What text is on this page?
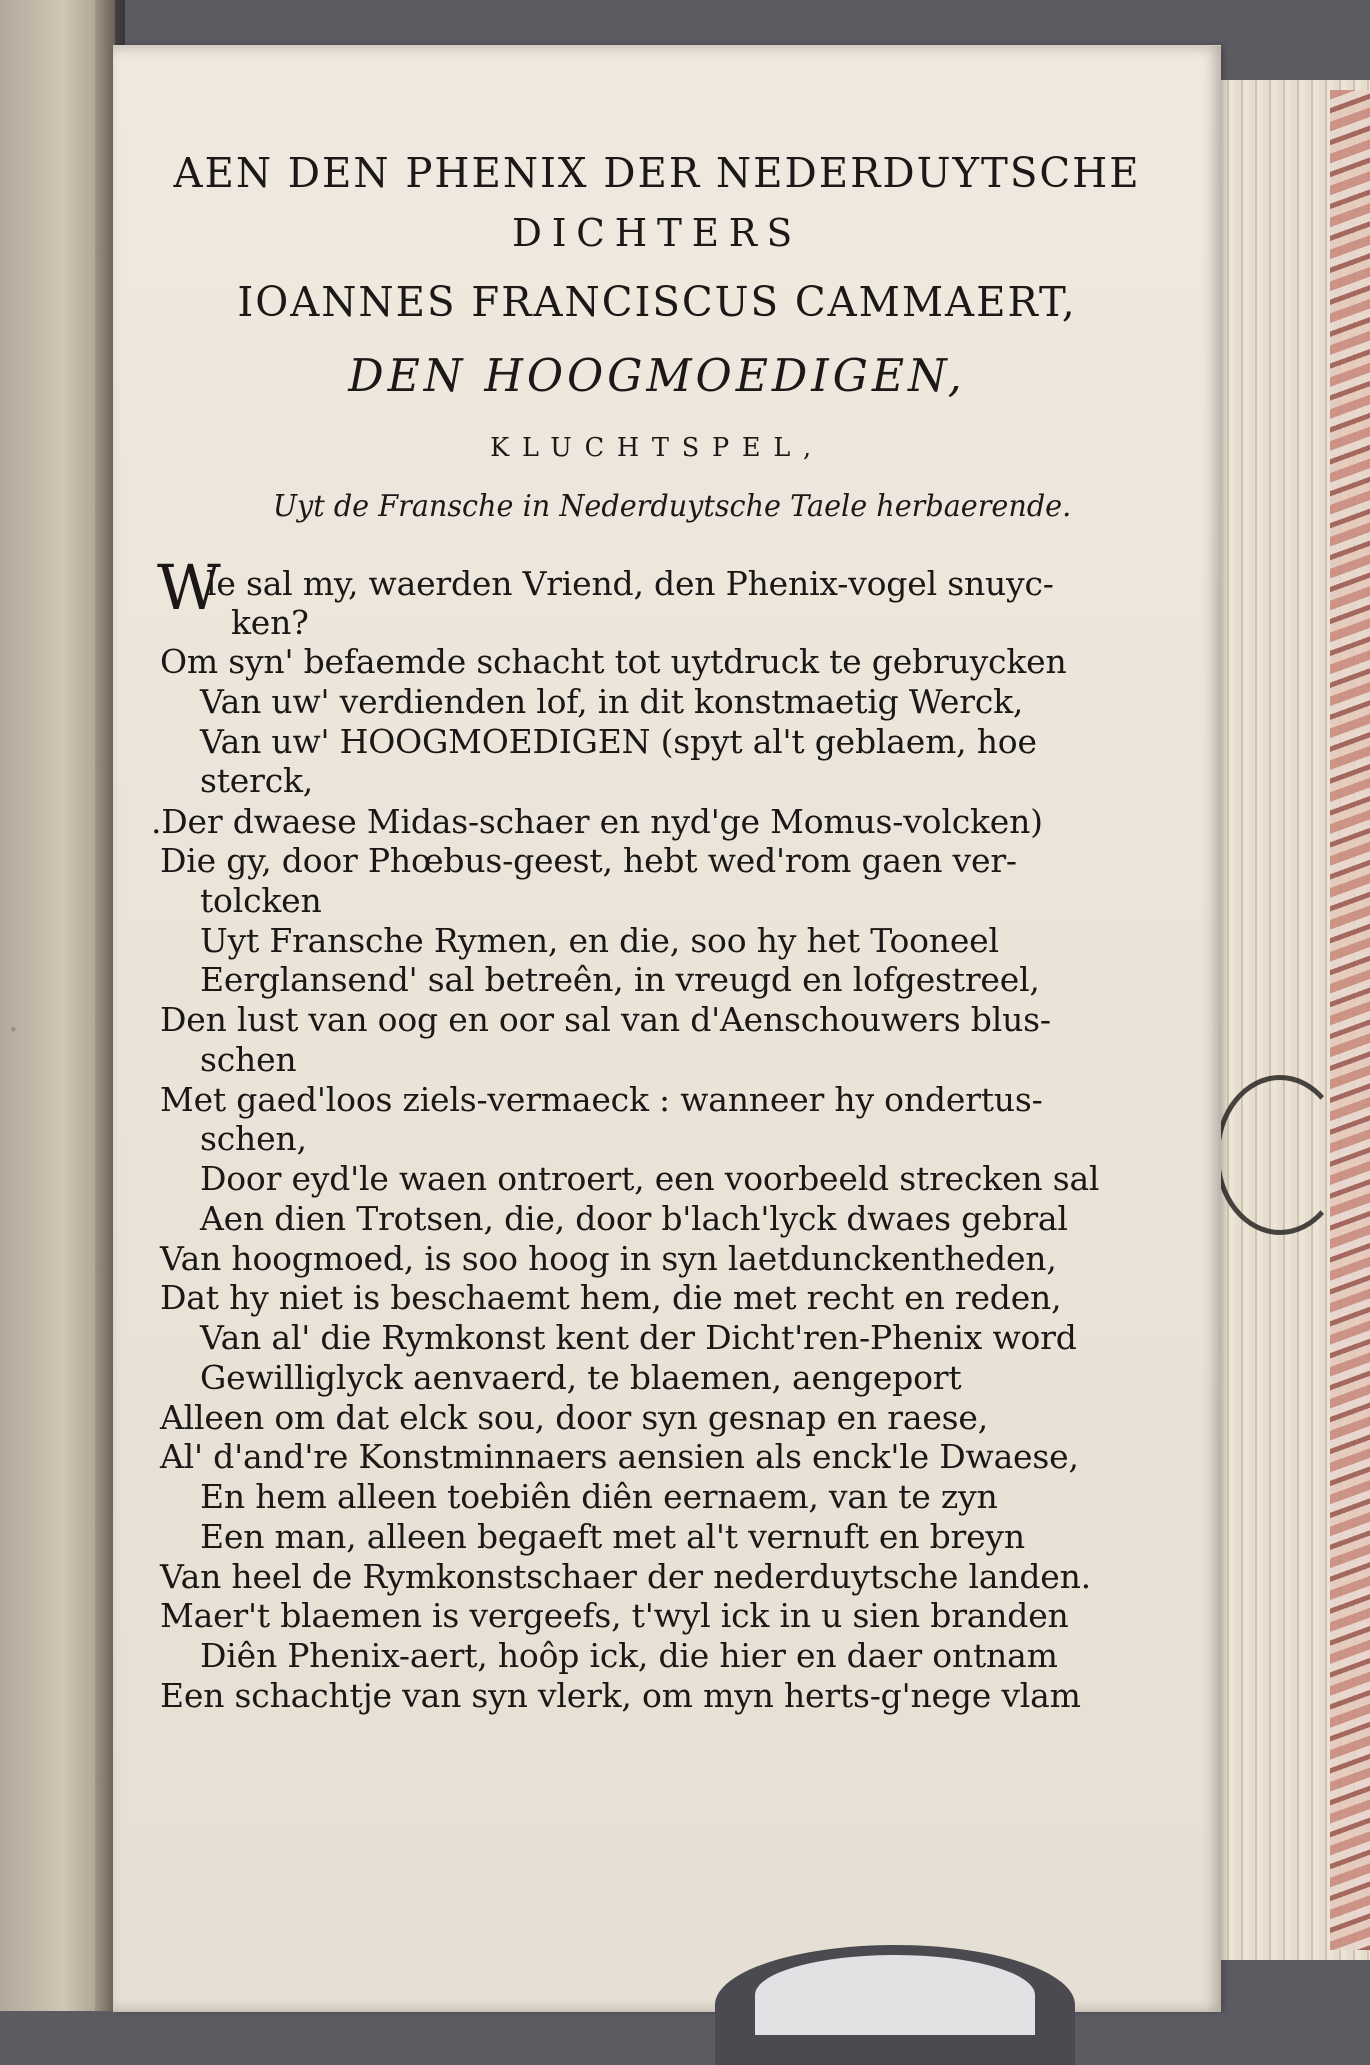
.
AEN DEN PHENIX DER NEDERDUYTSCHE
DICHTERS
IOANNES FRANCISCUS CAMMAERT,
DEN HOOGMOEDIGEN,
KLUCHTSPEL,
Uyt de Fransche in Nederduytsche Taele herbaerende.
W
le sal my, waerden Vriend, den Phenix-vogel snuyc-
ken?
Om syn' befaemde schacht tot uytdruck te gebruycken
Van uw' verdienden lof, in dit konstmaetig Werck,
Van uw' HOOGMOEDIGEN (spyt al't geblaem, hoe
sterck,
.Der dwaese Midas-schaer en nyd'ge Momus-volcken)
Die gy, door Phœbus-geest, hebt wed'rom gaen ver-
tolcken
Uyt Fransche Rymen, en die, soo hy het Tooneel
Eerglansend' sal betreên, in vreugd en lofgestreel,
Den lust van oog en oor sal van d'Aenschouwers blus-
schen
Met gaed'loos ziels-vermaeck : wanneer hy ondertus-
schen,
Door eyd'le waen ontroert, een voorbeeld strecken sal
Aen dien Trotsen, die, door b'lach'lyck dwaes gebral
Van hoogmoed, is soo hoog in syn laetdunckentheden,
Dat hy niet is beschaemt hem, die met recht en reden,
Van al' die Rymkonst kent der Dicht'ren-Phenix word
Gewilliglyck aenvaerd, te blaemen, aengeport
Alleen om dat elck sou, door syn gesnap en raese,
Al' d'and're Konstminnaers aensien als enck'le Dwaese,
En hem alleen toebiên diên eernaem, van te zyn
Een man, alleen begaeft met al't vernuft en breyn
Van heel de Rymkonstschaer der nederduytsche landen.
Maer't blaemen is vergeefs, t'wyl ick in u sien branden
Diên Phenix-aert, hoôp ick, die hier en daer ontnam
Een schachtje van syn vlerk, om myn herts-g'nege vlam
